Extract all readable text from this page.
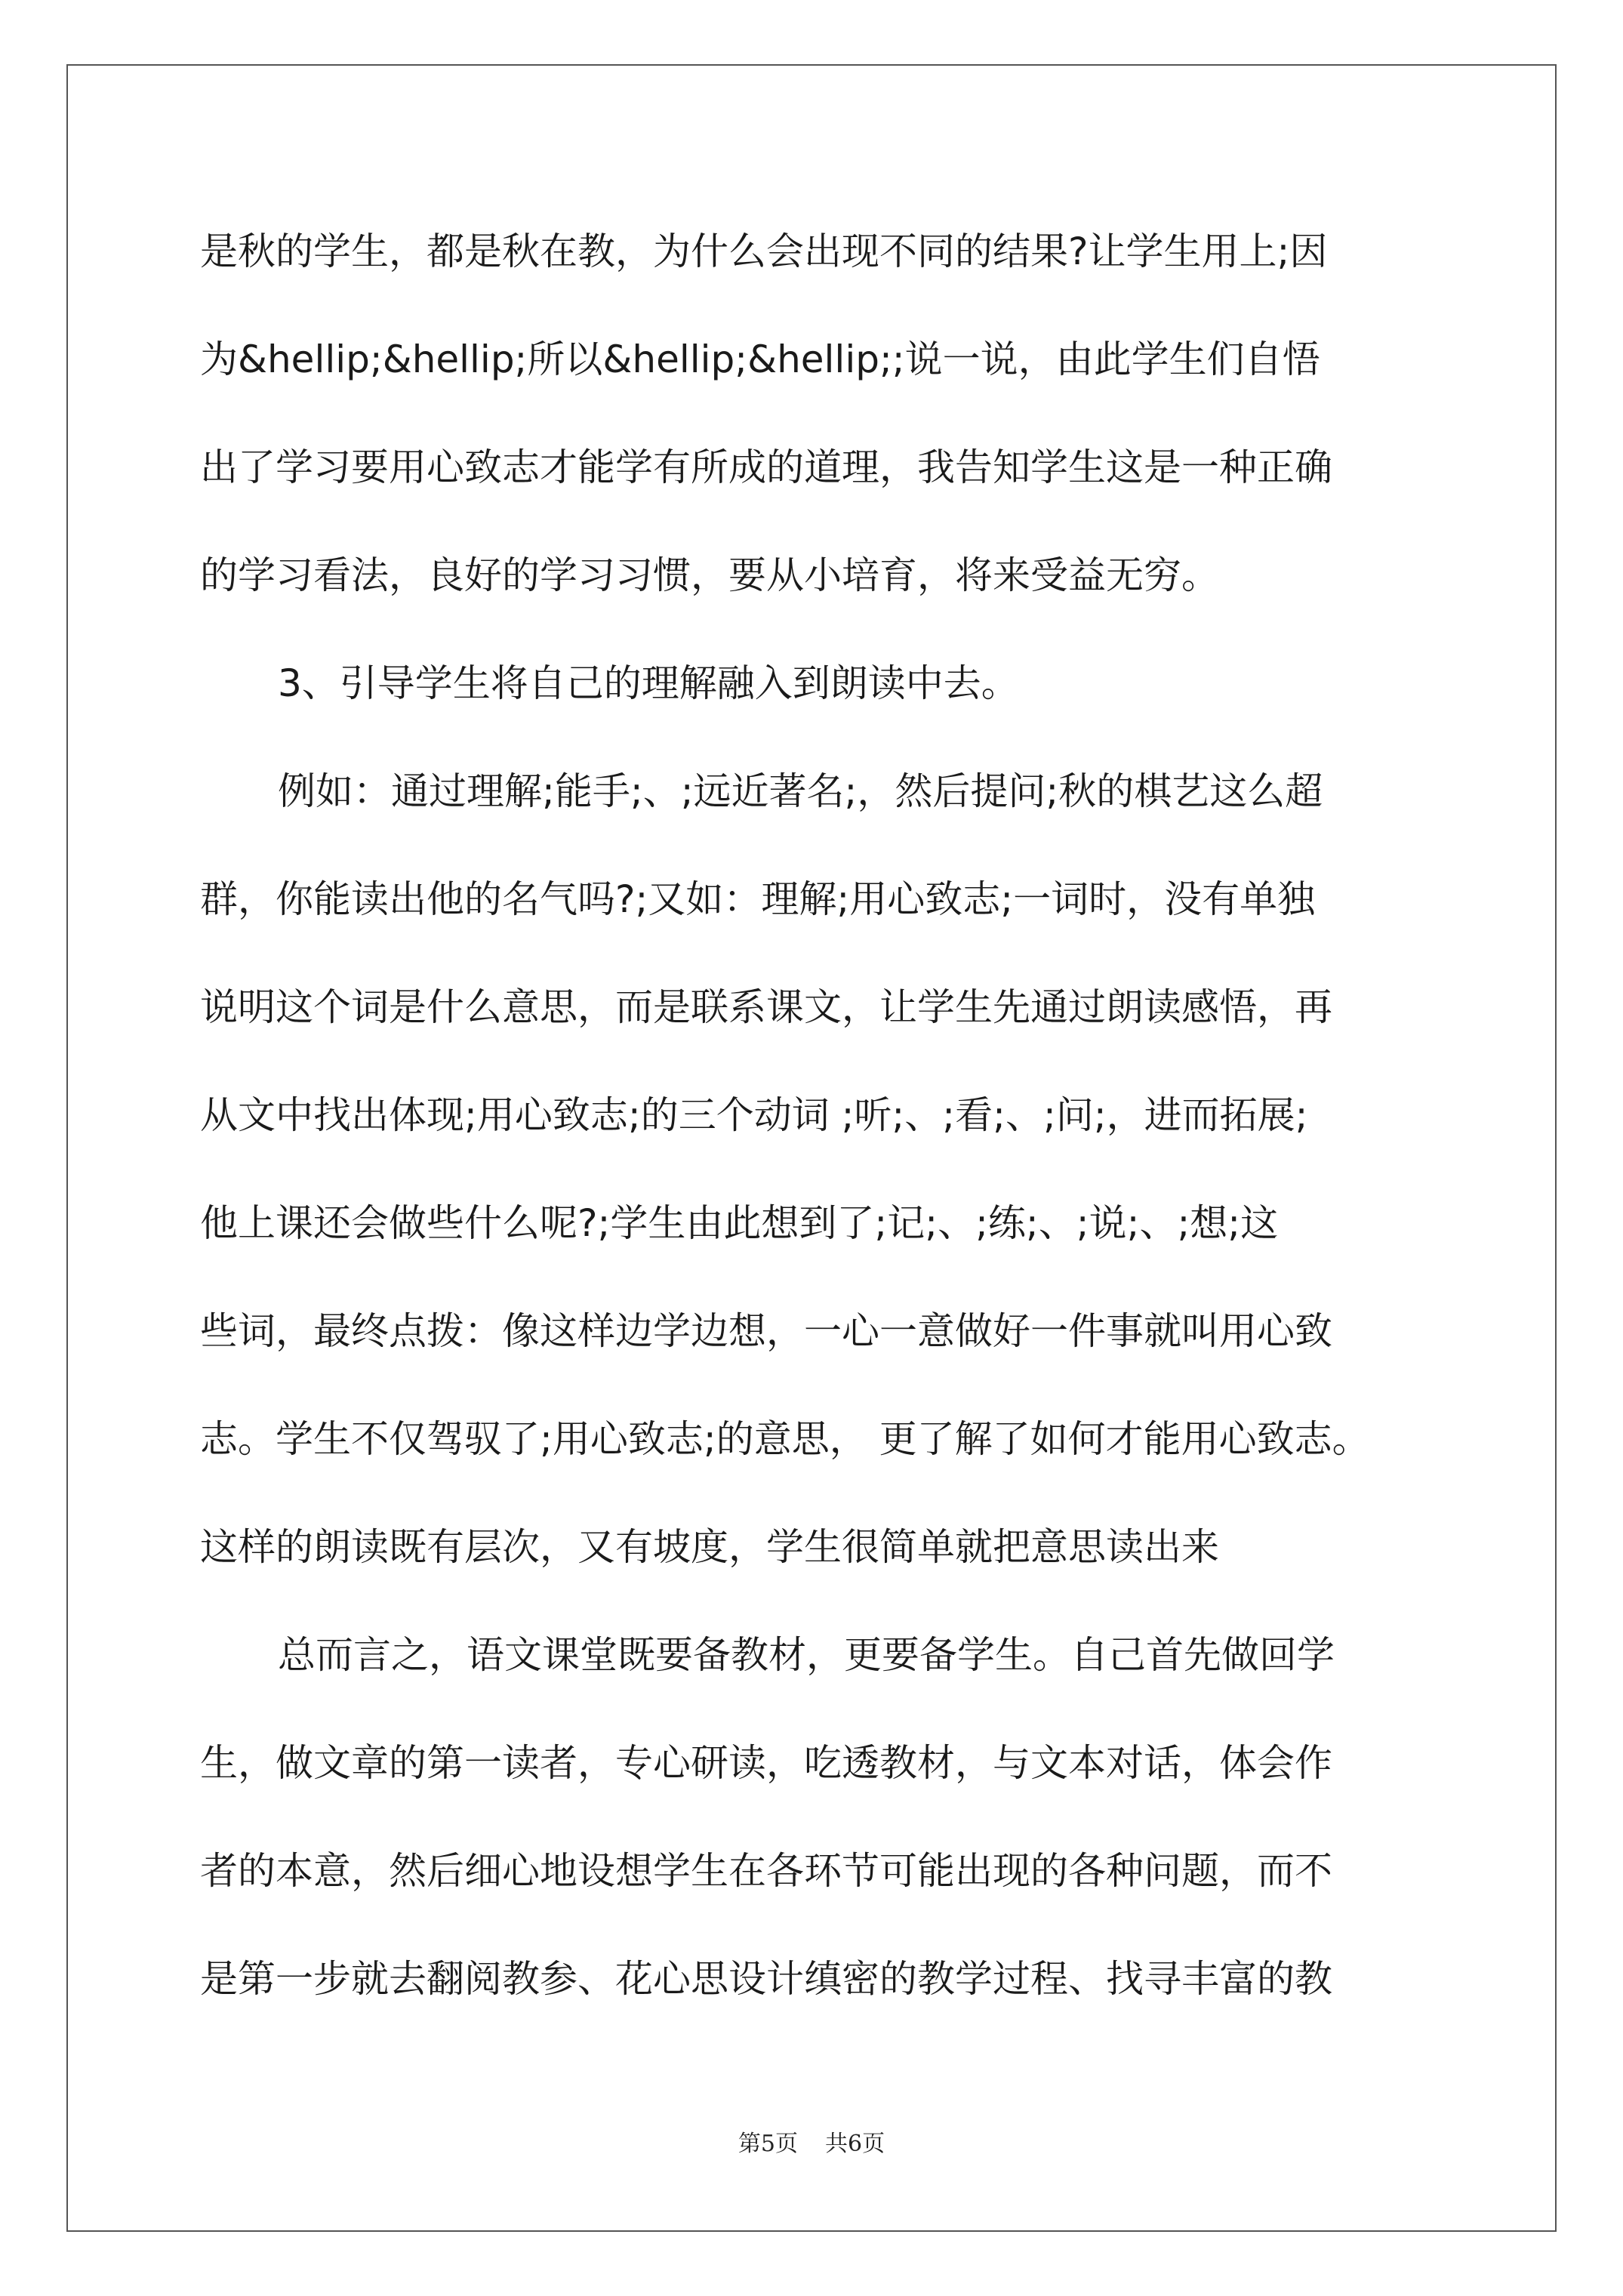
是秋的学生，都是秋在教，为什么会出现不同的结果?让学生用上;因
为&hellip;&hellip;所以&hellip;&hellip;;说一说，由此学生们自悟
出了学习要用心致志才能学有所成的道理，我告知学生这是一种正确
的学习看法，良好的学习习惯，要从小培育，将来受益无穷。
3、引导学生将自己的理解融入到朗读中去。
例如：通过理解;能手;、;远近著名;，然后提问;秋的棋艺这么超
群，你能读出他的名气吗?;又如：理解;用心致志;一词时，没有单独
说明这个词是什么意思，而是联系课文，让学生先通过朗读感悟，再
从文中找出体现;用心致志;的三个动词 ;听;、;看;、;问;，进而拓展;
他上课还会做些什么呢?;学生由此想到了;记;、;练;、;说;、;想;这
些词，最终点拨：像这样边学边想，一心一意做好一件事就叫用心致
志。学生不仅驾驭了;用心致志;的意思， 更了解了如何才能用心致志。
这样的朗读既有层次，又有坡度，学生很简单就把意思读出来
总而言之，语文课堂既要备教材，更要备学生。自己首先做回学
生，做文章的第一读者，专心研读，吃透教材，与文本对话，体会作
者的本意，然后细心地设想学生在各环节可能出现的各种问题，而不
是第一步就去翻阅教参、花心思设计缜密的教学过程、找寻丰富的教
第5页 共6页
